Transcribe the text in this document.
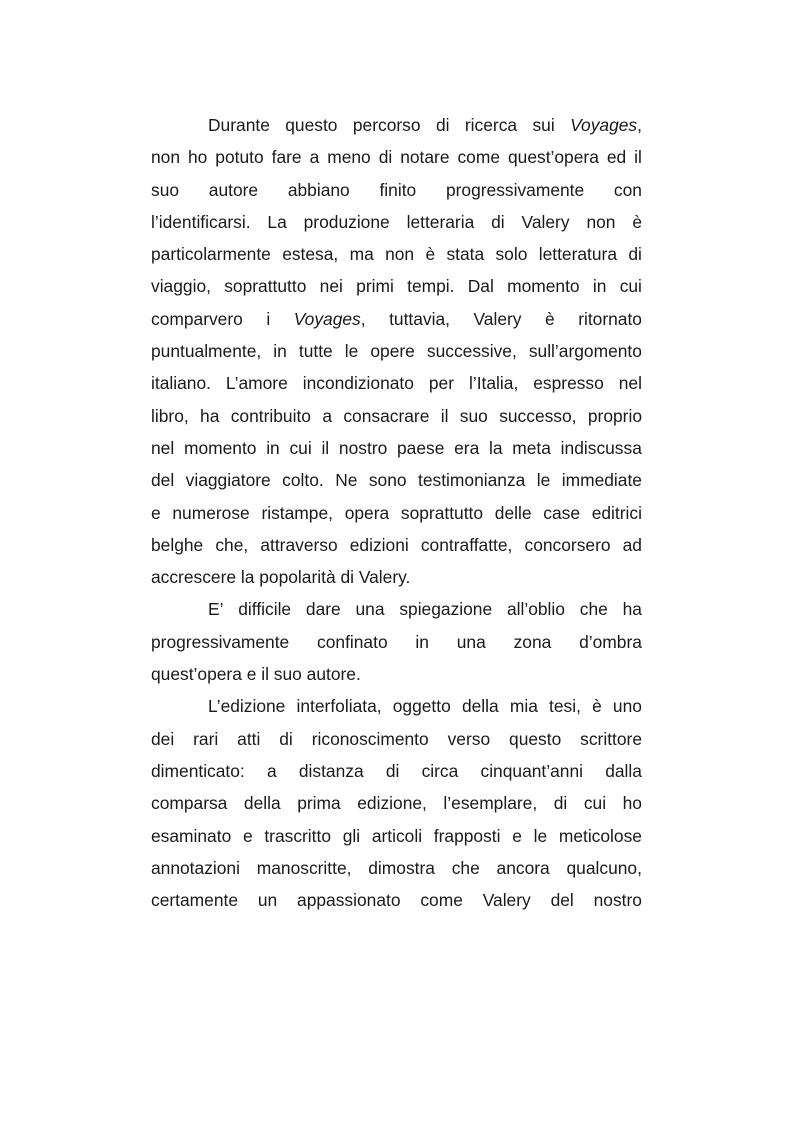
Durante questo percorso di ricerca sui Voyages,
non ho potuto fare a meno di notare come quest’opera ed il
suo autore abbiano finito progressivamente con
l’identificarsi. La produzione letteraria di Valery non è
particolarmente estesa, ma non è stata solo letteratura di
viaggio, soprattutto nei primi tempi. Dal momento in cui
comparvero i Voyages, tuttavia, Valery è ritornato
puntualmente, in tutte le opere successive, sull’argomento
italiano. L’amore incondizionato per l’Italia, espresso nel
libro, ha contribuito a consacrare il suo successo, proprio
nel momento in cui il nostro paese era la meta indiscussa
del viaggiatore colto. Ne sono testimonianza le immediate
e numerose ristampe, opera soprattutto delle case editrici
belghe che, attraverso edizioni contraffatte, concorsero ad
accrescere la popolarità di Valery.
E’ difficile dare una spiegazione all’oblio che ha
progressivamente confinato in una zona d’ombra
quest’opera e il suo autore.
L’edizione interfoliata, oggetto della mia tesi, è uno
dei rari atti di riconoscimento verso questo scrittore
dimenticato: a distanza di circa cinquant’anni dalla
comparsa della prima edizione, l’esemplare, di cui ho
esaminato e trascritto gli articoli frapposti e le meticolose
annotazioni manoscritte, dimostra che ancora qualcuno,
certamente un appassionato come Valery del nostro
